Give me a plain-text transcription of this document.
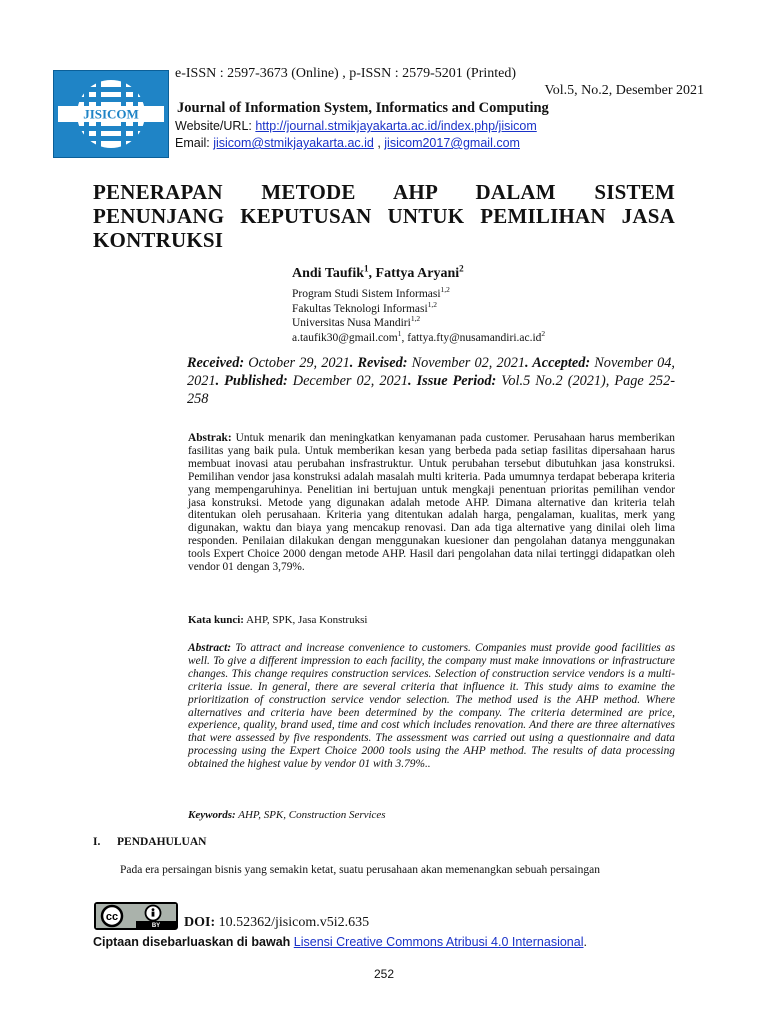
JISICOM
e-ISSN : 2597-3673 (Online) , p-ISSN : 2579-5201 (Printed)
Vol.5, No.2, Desember 2021
Journal of Information System, Informatics and Computing
Website/URL: http://journal.stmikjayakarta.ac.id/index.php/jisicom
Email: jisicom@stmikjayakarta.ac.id , jisicom2017@gmail.com
PENERAPAN METODE AHP DALAM SISTEM
PENUNJANG KEPUTUSAN UNTUK PEMILIHAN JASA
KONTRUKSI
Andi Taufik$^1$, Fattya Aryani$^2$
Program Studi Sistem Informasi$^{1,2}$
Fakultas Teknologi Informasi$^{1,2}$
Universitas Nusa Mandiri$^{1,2}$
a.taufik30@gmail.com$^1$, $fattya.fty@nusamandiri.ac.id^2$
Received: October 29, 2021. Revised: November 02, 2021. Accepted: November 04, 2021. Published: December 02, 2021. Issue Period: Vol.5 No.2 (2021), Page 252-258
Abstrak: Untuk menarik dan meningkatkan kenyamanan pada customer. Perusahaan harus memberikan fasilitas yang baik pula. Untuk memberikan kesan yang berbeda pada setiap fasilitas dipersahaan harus membuat inovasi atau perubahan insfrastruktur. Untuk perubahan tersebut dibutuhkan jasa konstruksi. Pemilihan vendor jasa konstruksi adalah masalah multi kriteria. Pada umumnya terdapat beberapa kriteria yang mempengaruhinya. Penelitian ini bertujuan untuk mengkaji penentuan prioritas pemilihan vendor jasa konstruksi. Metode yang digunakan adalah metode AHP. Dimana alternative dan kriteria telah ditentukan oleh perusahaan. Kriteria yang ditentukan adalah harga, pengalaman, kualitas, merk yang digunakan, waktu dan biaya yang mencakup renovasi. Dan ada tiga alternative yang dinilai oleh lima responden. Penilaian dilakukan dengan menggunakan kuesioner dan pengolahan datanya menggunakan tools Expert Choice 2000 dengan metode AHP. Hasil dari pengolahan data nilai tertinggi didapatkan oleh vendor 01 dengan 3,79%.
Kata kunci: AHP, SPK, Jasa Konstruksi
Abstract: To attract and increase convenience to customers. Companies must provide good facilities as well. To give a different impression to each facility, the company must make innovations or infrastructure changes. This change requires construction services. Selection of construction service vendors is a multi-criteria issue. In general, there are several criteria that influence it. This study aims to examine the prioritization of construction service vendor selection. The method used is the AHP method. Where alternatives and criteria have been determined by the company. The criteria determined are price, experience, quality, brand used, time and cost which includes renovation. And there are three alternatives that were assessed by five respondents. The assessment was carried out using a questionnaire and data processing using the Expert Choice 2000 tools using the AHP method. The results of data processing obtained the highest value by vendor 01 with 3.79%..
Keywords: AHP, SPK, Construction Services
I. PENDAHULUAN
Pada era persaingan bisnis yang semakin ketat, suatu perusahaan akan memenangkan sebuah persaingan
cc
BY DOI: 10.52362/jisicom.v5i2.635
Ciptaan disebarluaskan di bawah Lisensi Creative Commons Atribusi 4.0 Internasional.
252
